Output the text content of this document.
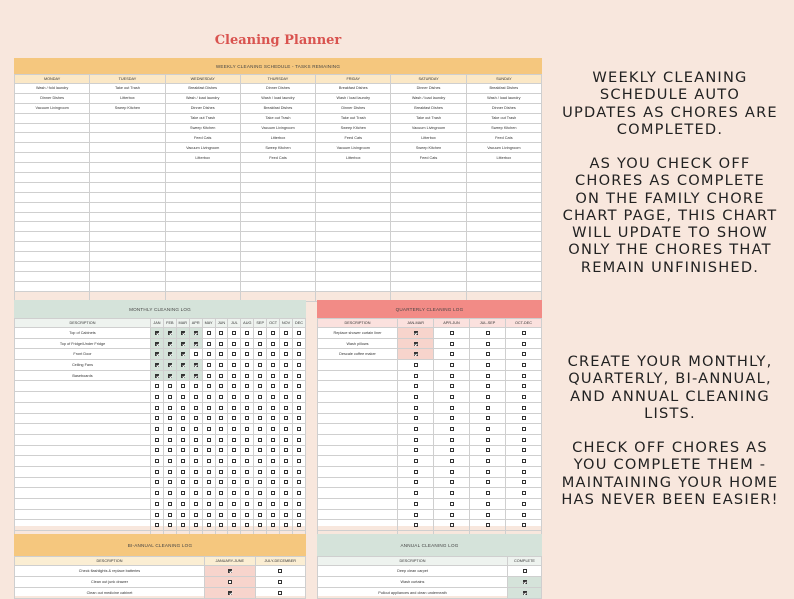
Cleaning Planner
WEEKLY CLEANING SCHEDULE - TASKS REMAINING
MONDAY	TUESDAY	WEDNESDAY	THURSDAY	FRIDAY	SATURDAY	SUNDAY
Wash / fold laundry	Take out Trash	Breakfast Dishes	Dinner Dishes	Breakfast Dishes	Dinner Dishes	Breakfast Dishes
Dinner Dishes	Litterbox	Wash / load laundry	Wash / load laundry	Wash / load laundry	Wash / load laundry	Wash / load laundry
Vacuum Livingroom	Sweep Kitchen	Dinner Dishes	Breakfast Dishes	Dinner Dishes	Breakfast Dishes	Dinner Dishes
		Take out Trash	Take out Trash	Take out Trash	Take out Trash	Take out Trash
		Sweep Kitchen	Vacuum Livingroom	Sweep Kitchen	Vacuum Livingroom	Sweep Kitchen
		Feed Cats	Litterbox	Feed Cats	Litterbox	Feed Cats
		Vacuum Livingroom	Sweep Kitchen	Vacuum Livingroom	Sweep Kitchen	Vacuum Livingroom
		Litterbox	Feed Cats	Litterbox	Feed Cats	Litterbox

MONTHLY CLEANING LOG
DESCRIPTION	JAN	FEB	MAR	APR	MAY	JUN	JUL	AUG	SEP	OCT	NOV	DEC
Top of Cabinets												
Top of Fridge/Under Fridge												
Front Door												
Ceiling Fans												
Baseboards												

QUARTERLY CLEANING LOG
DESCRIPTION	JAN-MAR	APR-JUN	JUL-SEP	OCT-DEC
Replace shower curtain liner				
Wash pillows				
Descale coffee maker				

BI-ANNUAL CLEANING LOG
DESCRIPTION	JANUARY-JUNE	JULY-DECEMBER
Check flashlights & replace batteries		
Clean out junk drawer		
Clean out medicine cabinet		
ANNUAL CLEANING LOG
DESCRIPTION	COMPLETE
Deep clean carpet	
Wash curtains	
Pullout appliances and clean underneath	
WEEKLY CLEANING SCHEDULE AUTO UPDATES AS CHORES ARE COMPLETED.
AS YOU CHECK OFF CHORES AS COMPLETE ON THE FAMILY CHORE CHART PAGE, THIS CHART WILL UPDATE TO SHOW ONLY THE CHORES THAT REMAIN UNFINISHED.
CREATE YOUR MONTHLY, QUARTERLY, BI-ANNUAL, AND ANNUAL CLEANING LISTS.
CHECK OFF CHORES AS YOU COMPLETE THEM - MAINTAINING YOUR HOME HAS NEVER BEEN EASIER!
